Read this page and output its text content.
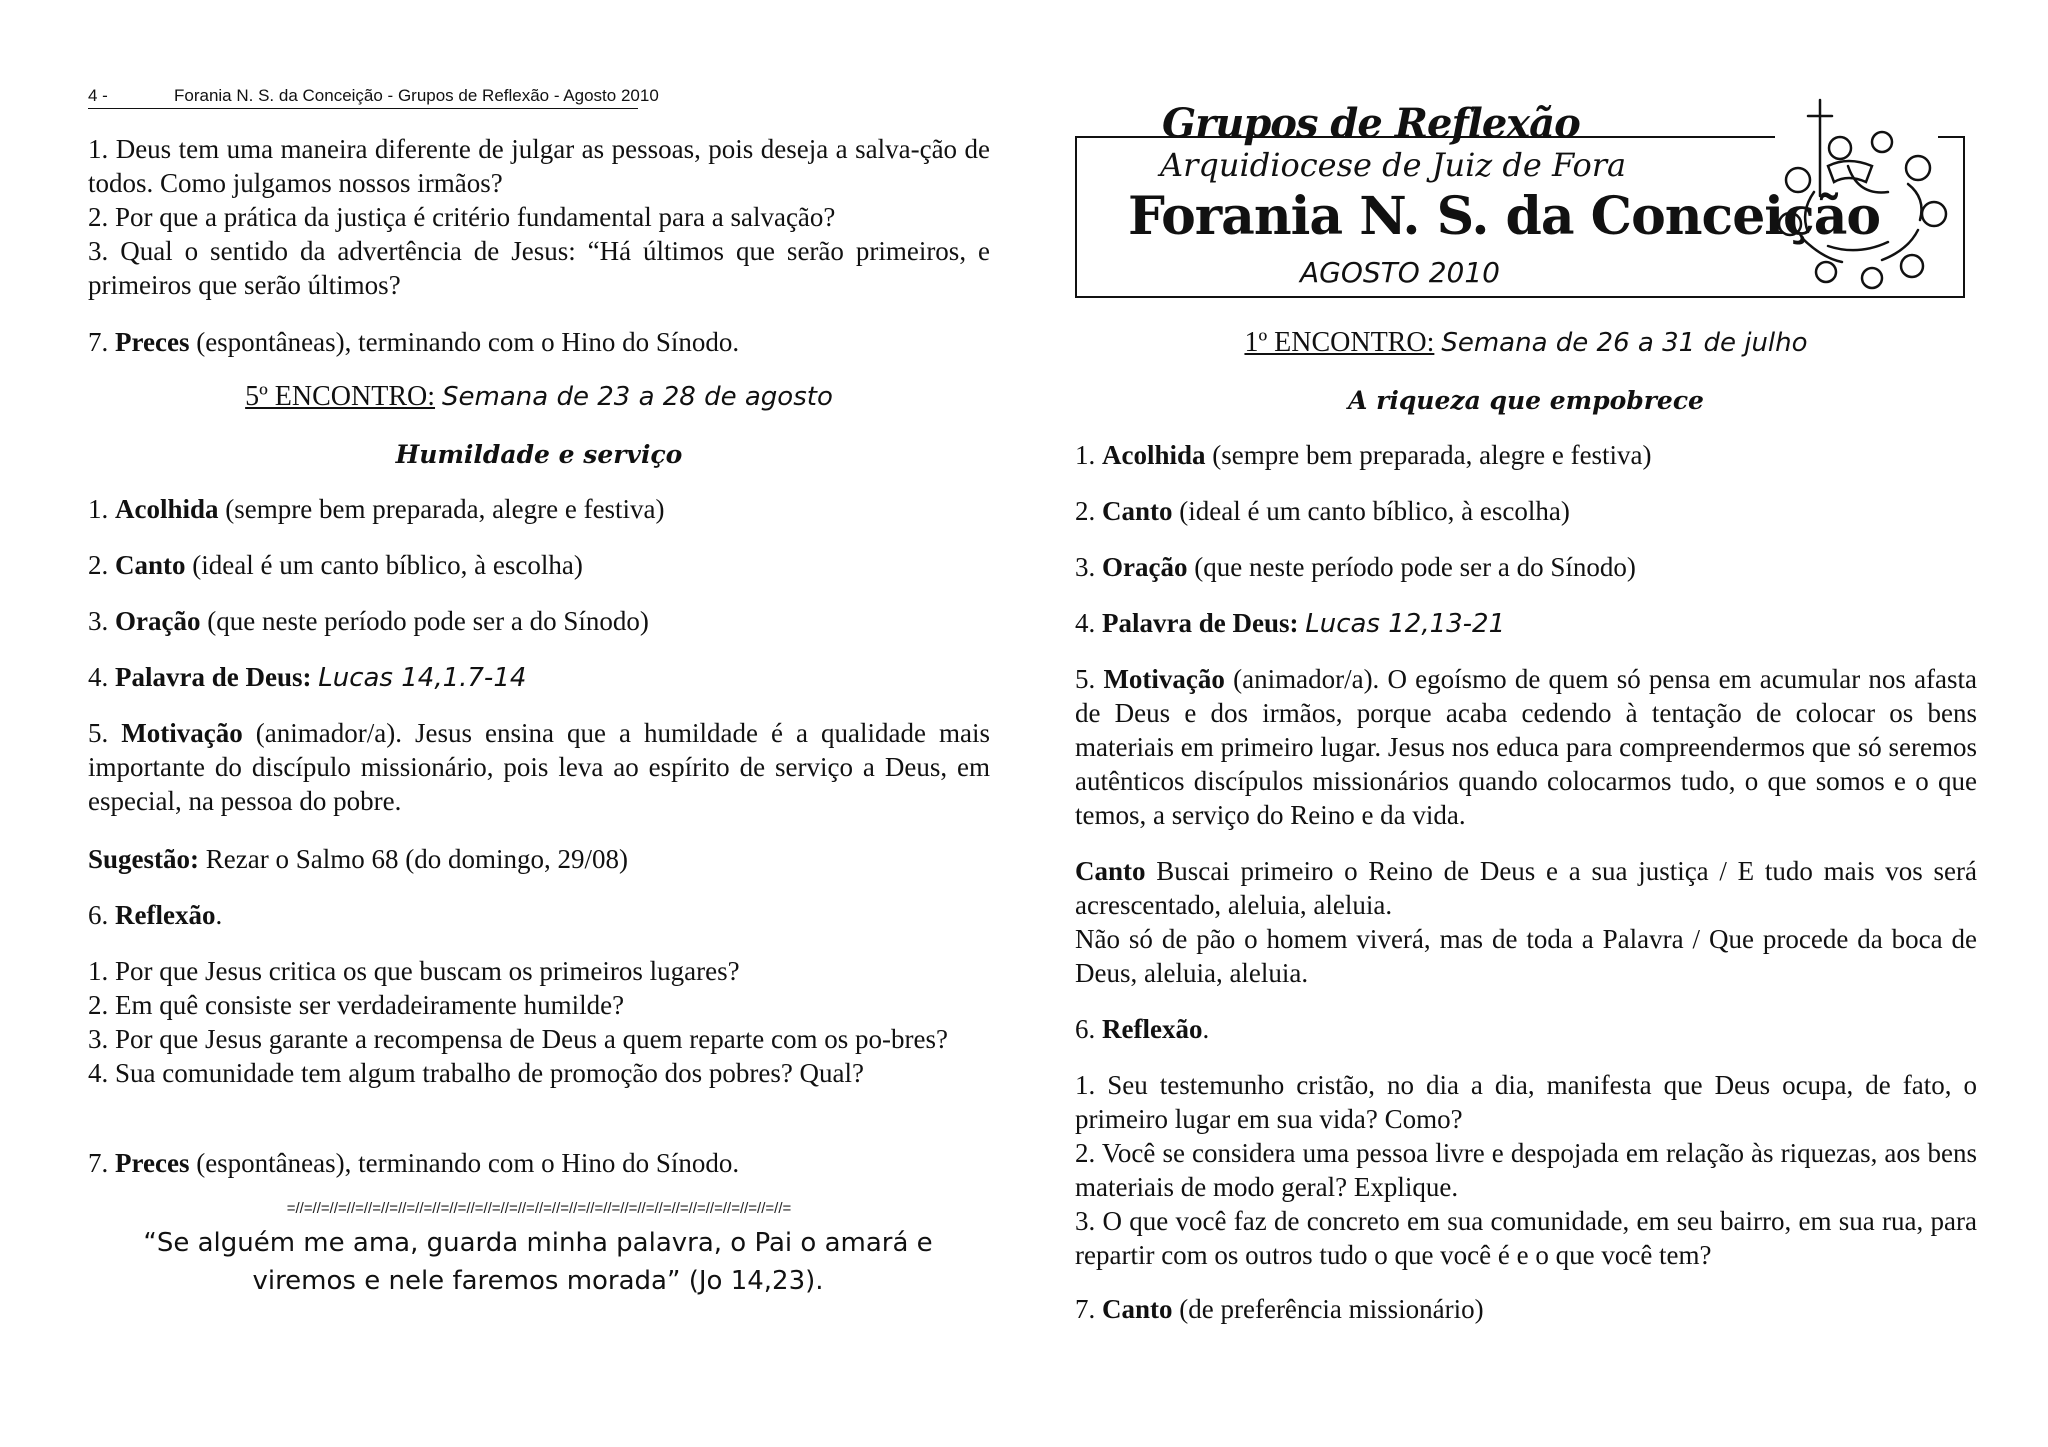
4 -	Forania N. S. da Conceição - Grupos de Reflexão - Agosto 2010

1. Deus tem uma maneira diferente de julgar as pessoas, pois deseja a salva-ção de todos. Como julgamos nossos irmãos?

2. Por que a prática da justiça é critério fundamental para a salvação?

3. Qual o sentido da advertência de Jesus: “Há últimos que serão primeiros, e primeiros que serão últimos?

7. Preces (espontâneas), terminando com o Hino do Sínodo.

5º ENCONTRO: Semana de 23 a 28 de agosto

Humildade e serviço

1. Acolhida (sempre bem preparada, alegre e festiva)

2. Canto (ideal é um canto bíblico, à escolha)

3. Oração (que neste período pode ser a do Sínodo)

4. Palavra de Deus: Lucas 14,1.7-14

5. Motivação (animador/a). Jesus ensina que a humildade é a qualidade mais importante do discípulo missionário, pois leva ao espírito de serviço a Deus, em especial, na pessoa do pobre.

Sugestão: Rezar o Salmo 68 (do domingo, 29/08)

6. Reflexão.

1. Por que Jesus critica os que buscam os primeiros lugares?

2. Em quê consiste ser verdadeiramente humilde?

3. Por que Jesus garante a recompensa de Deus a quem reparte com os po-bres?

4. Sua comunidade tem algum trabalho de promoção dos pobres? Qual?

7. Preces (espontâneas), terminando com o Hino do Sínodo.

=//=//=//=//=//=//=//=//=//=//=//=//=//=//=//=//=//=//=//=//=//=//=//=//=//=//=//=//=//=
“Se alguém me ama, guarda minha palavra, o Pai o amará e viremos e nele faremos morada” (Jo 14,23).
Grupos de Reflexão
Arquidiocese de Juiz de Fora
Forania N. S. da Conceição
AGOSTO 2010

1º ENCONTRO: Semana de 26 a 31 de julho

A riqueza que empobrece

1. Acolhida (sempre bem preparada, alegre e festiva)

2. Canto (ideal é um canto bíblico, à escolha)

3. Oração (que neste período pode ser a do Sínodo)

4. Palavra de Deus: Lucas 12,13-21

5. Motivação (animador/a). O egoísmo de quem só pensa em acumular nos afasta de Deus e dos irmãos, porque acaba cedendo à tentação de colocar os bens materiais em primeiro lugar. Jesus nos educa para compreendermos que só seremos autênticos discípulos missionários quando colocarmos tudo, o que somos e o que temos, a serviço do Reino e da vida.

Canto Buscai primeiro o Reino de Deus e a sua justiça / E tudo mais vos será acrescentado, aleluia, aleluia.

Não só de pão o homem viverá, mas de toda a Palavra / Que procede da boca de Deus, aleluia, aleluia.

6. Reflexão.

1. Seu testemunho cristão, no dia a dia, manifesta que Deus ocupa, de fato, o primeiro lugar em sua vida? Como?

2. Você se considera uma pessoa livre e despojada em relação às riquezas, aos bens materiais de modo geral? Explique.

3. O que você faz de concreto em sua comunidade, em seu bairro, em sua rua, para repartir com os outros tudo o que você é e o que você tem?

7. Canto (de preferência missionário)
